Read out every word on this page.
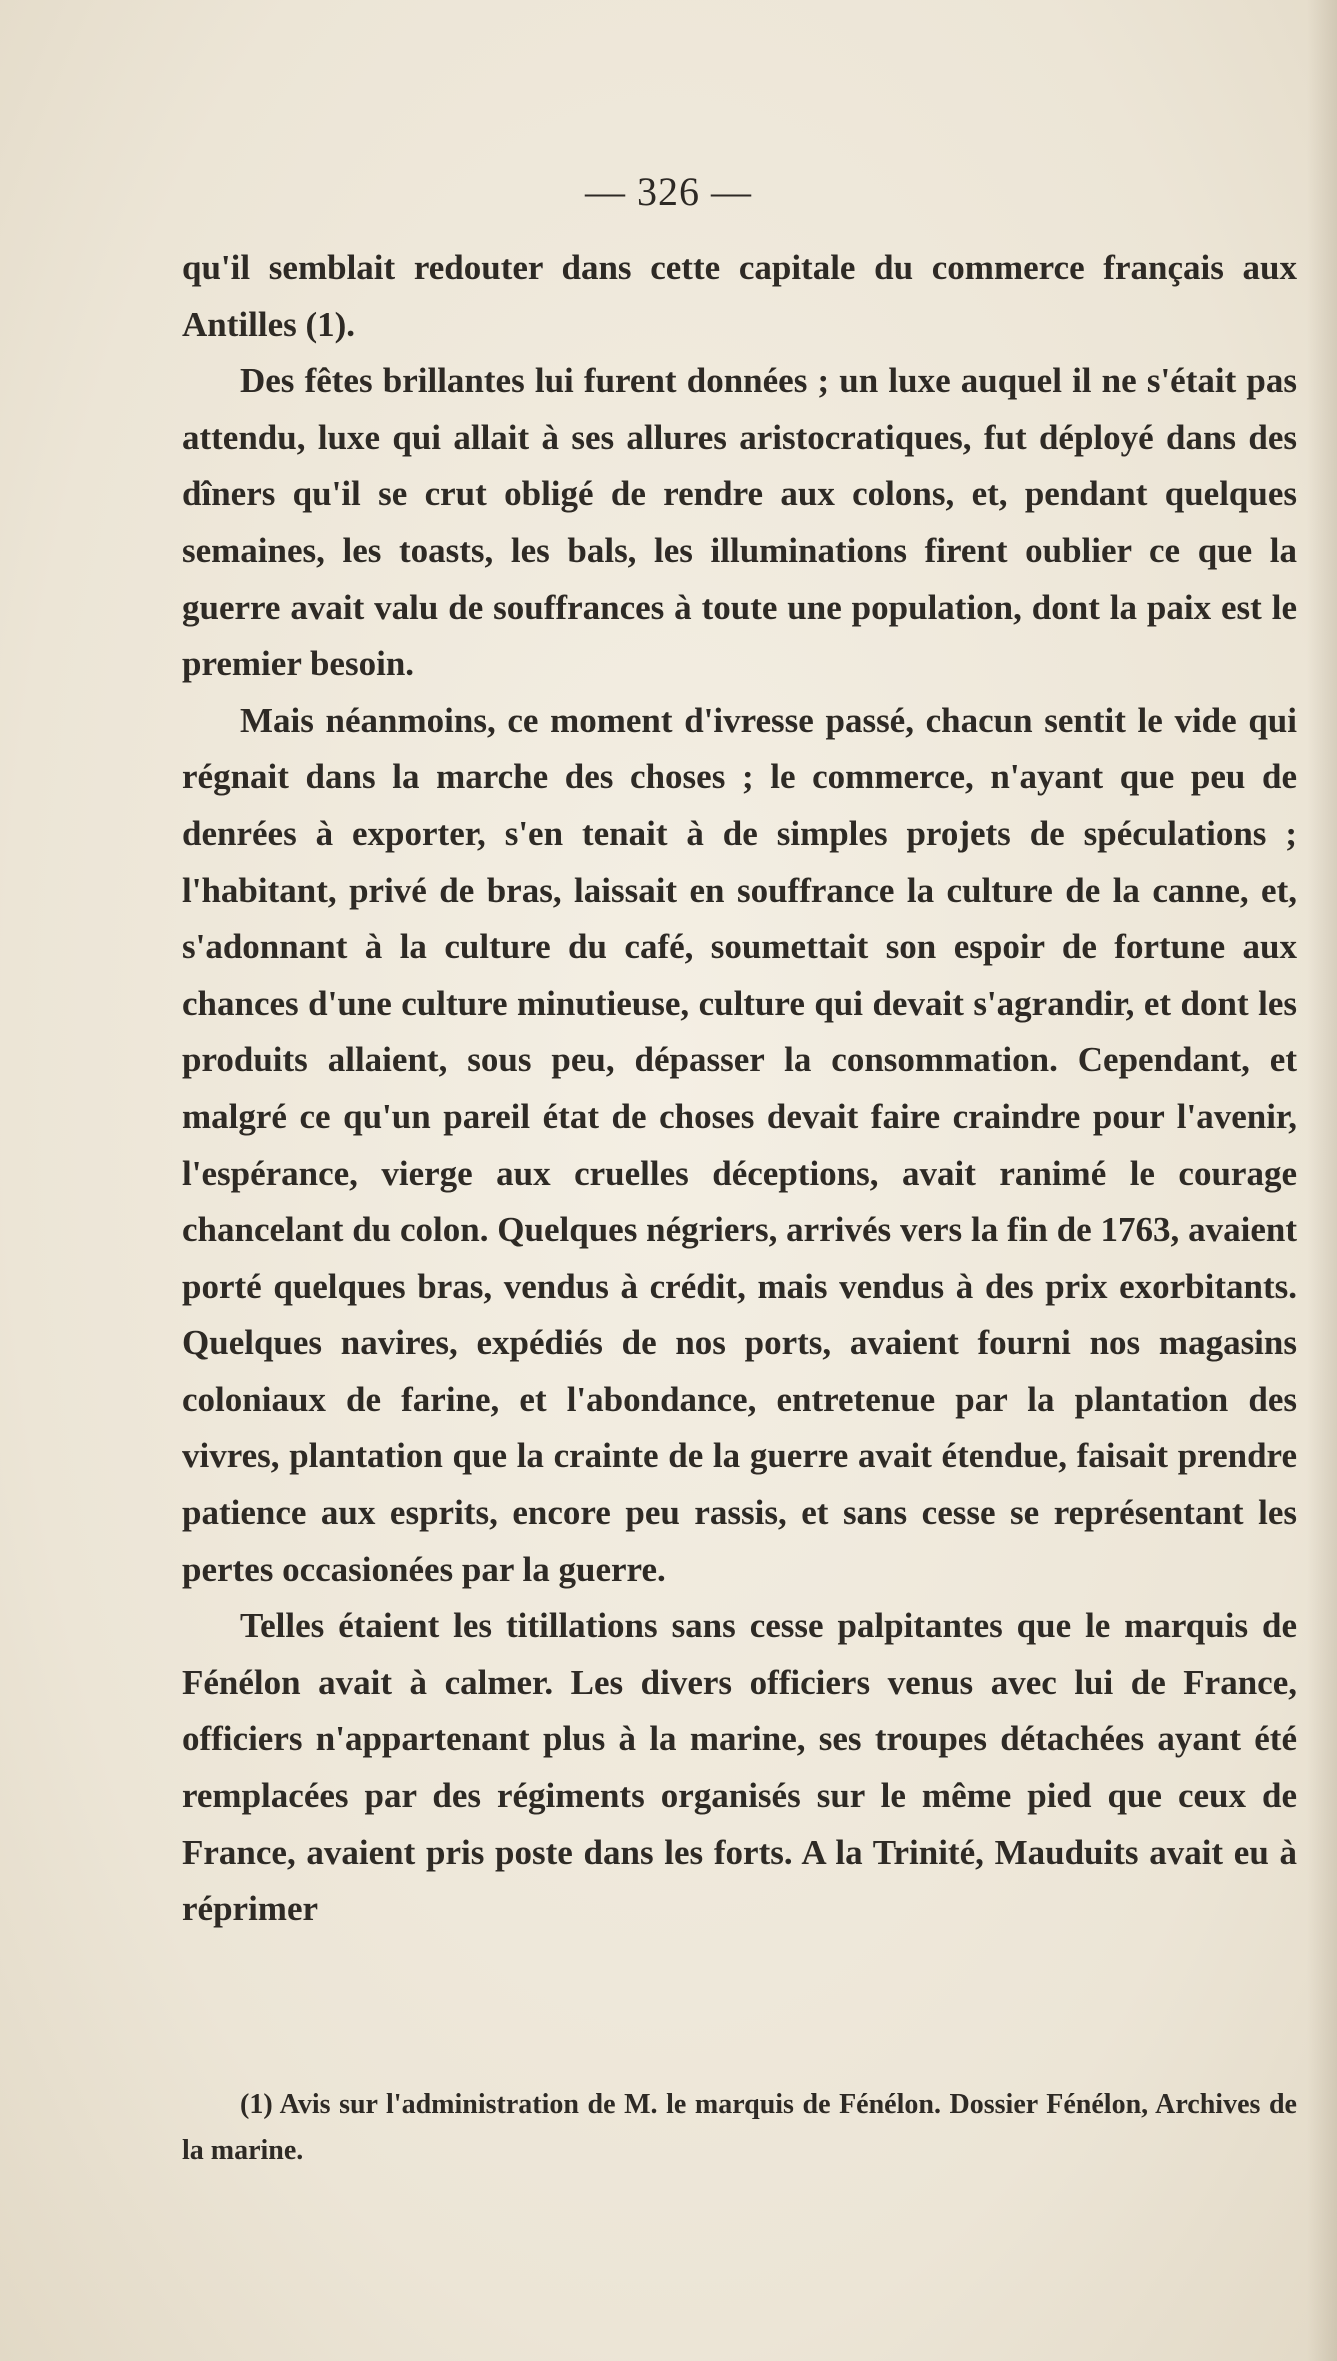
— 326 —

qu'il semblait redouter dans cette capitale du commerce français aux Antilles (1).

Des fêtes brillantes lui furent données ; un luxe auquel il ne s'était pas attendu, luxe qui allait à ses allures aristocratiques, fut déployé dans des dîners qu'il se crut obligé de rendre aux colons, et, pendant quelques semaines, les toasts, les bals, les illuminations firent oublier ce que la guerre avait valu de souffrances à toute une population, dont la paix est le premier besoin.

Mais néanmoins, ce moment d'ivresse passé, chacun sentit le vide qui régnait dans la marche des choses ; le commerce, n'ayant que peu de denrées à exporter, s'en tenait à de simples projets de spéculations ; l'habitant, privé de bras, laissait en souffrance la culture de la canne, et, s'adonnant à la culture du café, soumettait son espoir de fortune aux chances d'une culture minutieuse, culture qui devait s'agrandir, et dont les produits allaient, sous peu, dépasser la consommation. Cependant, et malgré ce qu'un pareil état de choses devait faire craindre pour l'avenir, l'espérance, vierge aux cruelles déceptions, avait ranimé le courage chancelant du colon. Quelques négriers, arrivés vers la fin de 1763, avaient porté quelques bras, vendus à crédit, mais vendus à des prix exorbitants. Quelques navires, expédiés de nos ports, avaient fourni nos magasins coloniaux de farine, et l'abondance, entretenue par la plantation des vivres, plantation que la crainte de la guerre avait étendue, faisait prendre patience aux esprits, encore peu rassis, et sans cesse se représentant les pertes occasionées par la guerre.

Telles étaient les titillations sans cesse palpitantes que le marquis de Fénélon avait à calmer. Les divers officiers venus avec lui de France, officiers n'appartenant plus à la marine, ses troupes détachées ayant été remplacées par des régiments organisés sur le même pied que ceux de France, avaient pris poste dans les forts. A la Trinité, Mauduits avait eu à réprimer

(1) Avis sur l'administration de M. le marquis de Fénélon. Dossier Fénélon, Archives de la marine.
